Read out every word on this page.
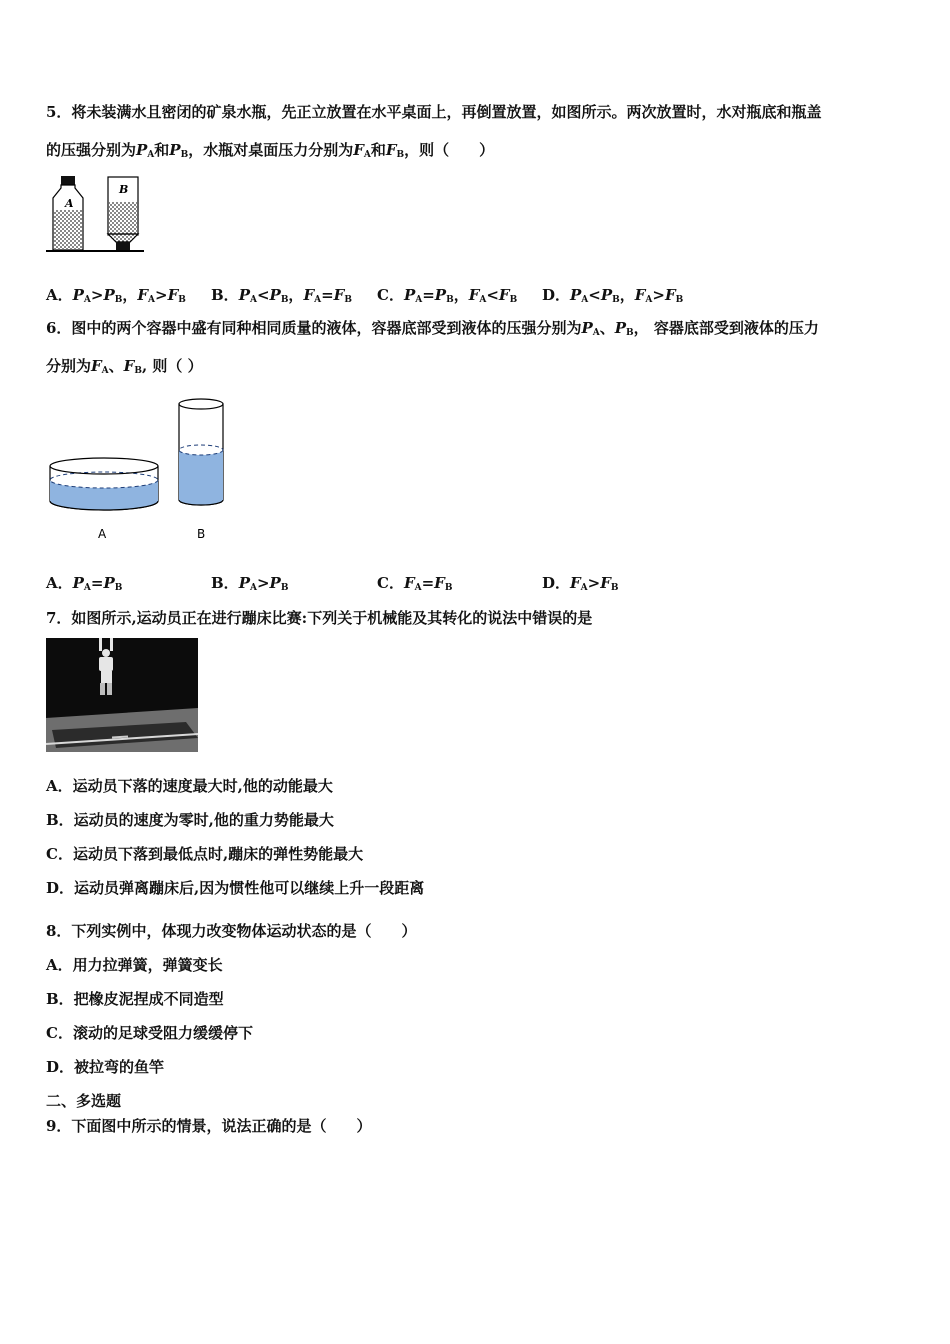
5．将未装满水且密闭的矿泉水瓶，先正立放置在水平桌面上，再倒置放置，如图所示。两次放置时，水对瓶底和瓶盖
的压强分别为$P_A$和$P_B$，水瓶对桌面压力分别为$F_A$和$F_B$，则（　　）
A
B
A．$P_A>P_B$，$F_A>F_B$ B．$P_A<P_B$，$F_A=F_B$ C．$P_A=P_B$，$F_A<F_B$ D．$P_A<P_B$，$F_A>F_B$
6．图中的两个容器中盛有同种相同质量的液体，容器底部受到液体的压强分别为$P_A$、$P_B$， 容器底部受到液体的压力
分别为$F_A$、$F_B$, 则（ ）
A	B
A．$P_A=P_B$	B．$P_A>P_B$	C．$F_A=F_B$	D．$F_A>F_B$
7．如图所示,运动员正在进行蹦床比赛:下列关于机械能及其转化的说法中错误的是
A．运动员下落的速度最大时,他的动能最大
B．运动员的速度为零时,他的重力势能最大
C．运动员下落到最低点时,蹦床的弹性势能最大
D．运动员弹离蹦床后,因为惯性他可以继续上升一段距离
8．下列实例中，体现力改变物体运动状态的是（　　）
A．用力拉弹簧，弹簧变长
B．把橡皮泥捏成不同造型
C．滚动的足球受阻力缓缓停下
D．被拉弯的鱼竿
二、多选题
9．下面图中所示的情景，说法正确的是（　　）
